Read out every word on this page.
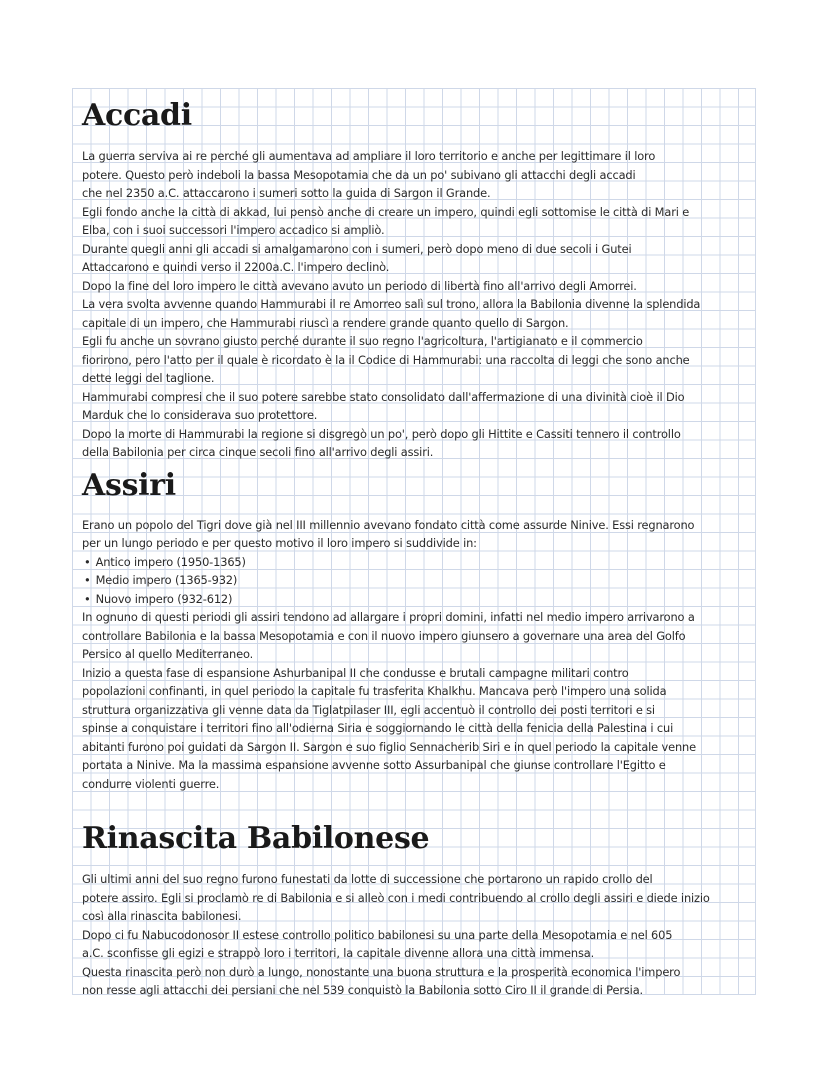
Accadi

La guerra serviva ai re perché gli aumentava ad ampliare il loro territorio e anche per legittimare il loro

potere. Questo però indeboli la bassa Mesopotamia che da un po' subivano gli attacchi degli accadi

che nel 2350 a.C. attaccarono i sumeri sotto la guida di Sargon il Grande.

Egli fondo anche la città di akkad, lui pensò anche di creare un impero, quindi egli sottomise le città di Mari e

Elba, con i suoi successori l'impero accadico si ampliò.

Durante quegli anni gli accadi si amalgamarono con i sumeri, però dopo meno di due secoli i Gutei

Attaccarono e quindi verso il 2200a.C. l'impero declinò.

Dopo la fine del loro impero le città avevano avuto un periodo di libertà fino all'arrivo degli Amorrei.

La vera svolta avvenne quando Hammurabi il re Amorreo salì sul trono, allora la Babilonia divenne la splendida

capitale di un impero, che Hammurabi riuscì a rendere grande quanto quello di Sargon.

Egli fu anche un sovrano giusto perché durante il suo regno l'agricoltura, l'artigianato e il commercio

fiorirono, pero l'atto per il quale è ricordato è la il Codice di Hammurabi: una raccolta di leggi che sono anche

dette leggi del taglione.

Hammurabi compresi che il suo potere sarebbe stato consolidato dall'affermazione di una divinità cioè il Dio

Marduk che lo considerava suo protettore.

Dopo la morte di Hammurabi la regione si disgregò un po', però dopo gli Hittite e Cassiti tennero il controllo

della Babilonia per circa cinque secoli fino all'arrivo degli assiri.

Assiri

Erano un popolo del Tigri dove già nel III millennio avevano fondato città come assurde Ninive. Essi regnarono

per un lungo periodo e per questo motivo il loro impero si suddivide in:

• Antico impero (1950-1365)

• Medio impero (1365-932)

• Nuovo impero (932-612)

In ognuno di questi periodi gli assiri tendono ad allargare i propri domini, infatti nel medio impero arrivarono a

controllare Babilonia e la bassa Mesopotamia e con il nuovo impero giunsero a governare una area del Golfo

Persico al quello Mediterraneo.

Inizio a questa fase di espansione Ashurbanipal II che condusse e brutali campagne militari contro

popolazioni confinanti, in quel periodo la capitale fu trasferita Khalkhu. Mancava però l'impero una solida

struttura organizzativa gli venne data da Tiglatpilaser III, egli accentuò il controllo dei posti territori e si

spinse a conquistare i territori fino all'odierna Siria e soggiornando le città della fenicia della Palestina i cui

abitanti furono poi guidati da Sargon II. Sargon e suo figlio Sennacherib Siri e in quel periodo la capitale venne

portata a Ninive. Ma la massima espansione avvenne sotto Assurbanipal che giunse controllare l'Egitto e

condurre violenti guerre.

Rinascita Babilonese

Gli ultimi anni del suo regno furono funestati da lotte di successione che portarono un rapido crollo del

potere assiro. Egli si proclamò re di Babilonia e si alleò con i medi contribuendo al crollo degli assiri e diede inizio

così alla rinascita babilonesi.

Dopo ci fu Nabucodonosor II estese controllo politico babilonesi su una parte della Mesopotamia e nel 605

a.C. sconfisse gli egizi e strappò loro i territori, la capitale divenne allora una città immensa.

Questa rinascita però non durò a lungo, nonostante una buona struttura e la prosperità economica l'impero

non resse agli attacchi dei persiani che nel 539 conquistò la Babilonia sotto Ciro II il grande di Persia.
